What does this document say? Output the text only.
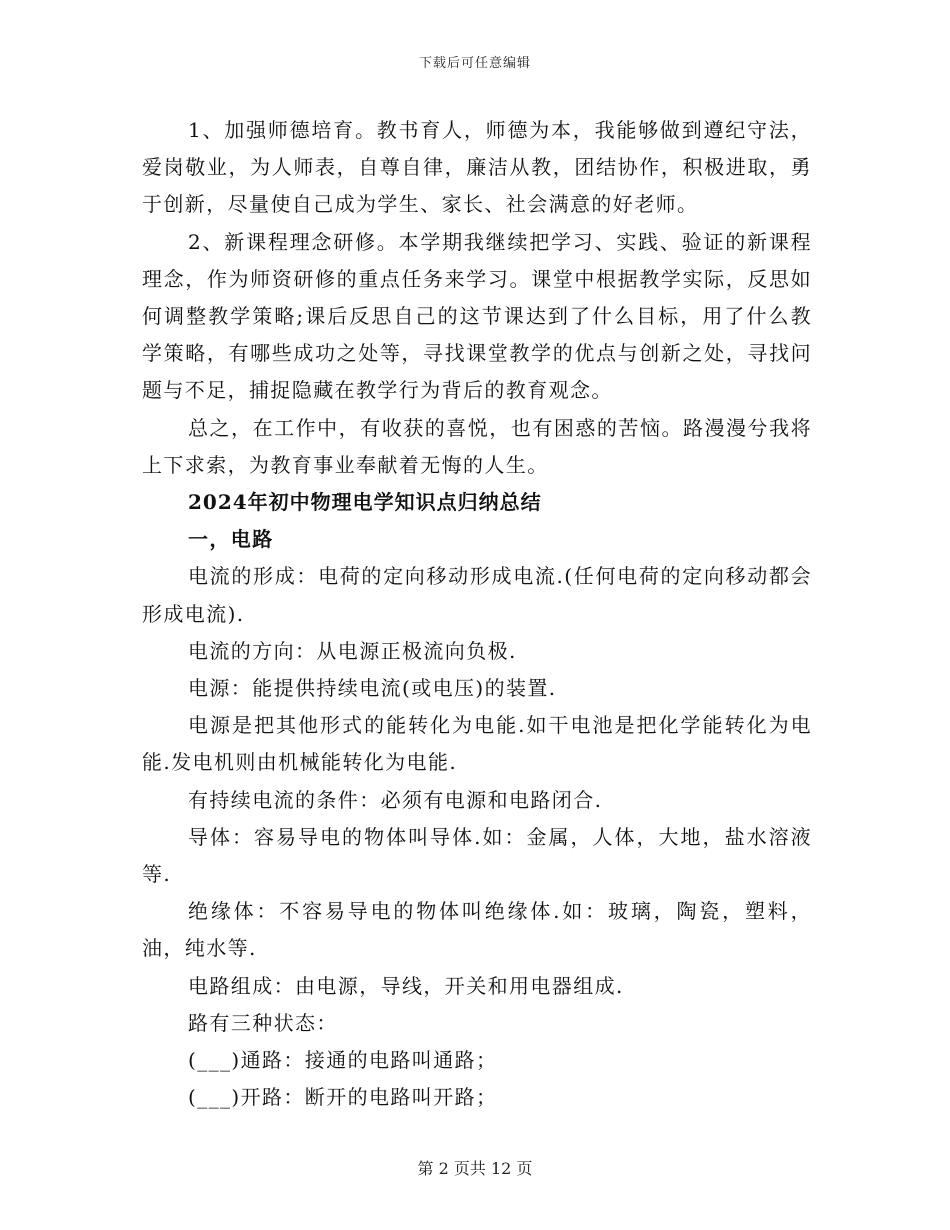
下载后可任意编辑

1、加强师德培育。教书育人，师德为本，我能够做到遵纪守法，爱岗敬业，为人师表，自尊自律，廉洁从教，团结协作，积极进取，勇于创新，尽量使自己成为学生、家长、社会满意的好老师。

2、新课程理念研修。本学期我继续把学习、实践、验证的新课程理念，作为师资研修的重点任务来学习。课堂中根据教学实际，反思如何调整教学策略;课后反思自己的这节课达到了什么目标，用了什么教学策略，有哪些成功之处等，寻找课堂教学的优点与创新之处，寻找问题与不足，捕捉隐藏在教学行为背后的教育观念。

总之，在工作中，有收获的喜悦，也有困惑的苦恼。路漫漫兮我将上下求索，为教育事业奉献着无悔的人生。

2024年初中物理电学知识点归纳总结

一，电路

电流的形成：电荷的定向移动形成电流.(任何电荷的定向移动都会形成电流).

电流的方向：从电源正极流向负极.

电源：能提供持续电流(或电压)的装置.

电源是把其他形式的能转化为电能.如干电池是把化学能转化为电能.发电机则由机械能转化为电能.

有持续电流的条件：必须有电源和电路闭合.

导体：容易导电的物体叫导体.如：金属，人体，大地，盐水溶液等.

绝缘体：不容易导电的物体叫绝缘体.如：玻璃，陶瓷，塑料，油，纯水等.

电路组成：由电源，导线，开关和用电器组成.

路有三种状态：

(___)通路：接通的电路叫通路；

(___)开路：断开的电路叫开路；

第 2 页共 12 页
